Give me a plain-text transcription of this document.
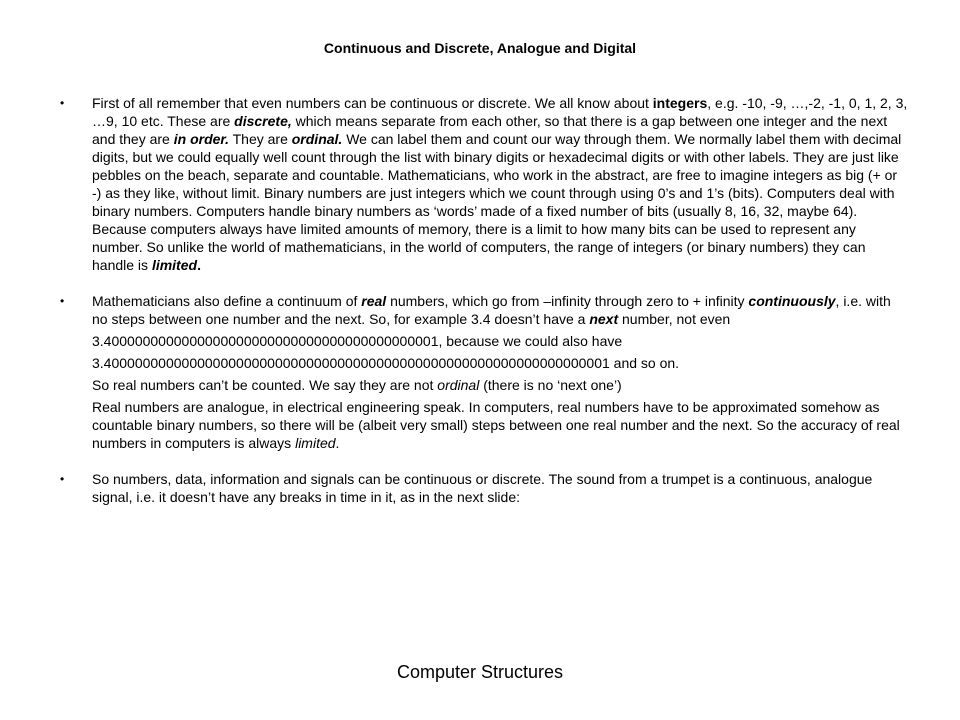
Continuous and Discrete, Analogue and Digital
• First of all remember that even numbers can be continuous or discrete. We all know about integers, e.g. -10, -9, …,-2, -1, 0, 1, 2, 3, …9, 10 etc. These are discrete, which means separate from each other, so that there is a gap between one integer and the next and they are in order. They are ordinal. We can label them and count our way through them. We normally label them with decimal digits, but we could equally well count through the list with binary digits or hexadecimal digits or with other labels. They are just like pebbles on the beach, separate and countable. Mathematicians, who work in the abstract, are free to imagine integers as big (+ or -) as they like, without limit. Binary numbers are just integers which we count through using 0’s and 1’s (bits). Computers deal with binary numbers. Computers handle binary numbers as ‘words’ made of a fixed number of bits (usually 8, 16, 32, maybe 64). Because computers always have limited amounts of memory, there is a limit to how many bits can be used to represent any number. So unlike the world of mathematicians, in the world of computers, the range of integers (or binary numbers) they can handle is limited.
• Mathematicians also define a continuum of real numbers, which go from –infinity through zero to + infinity continuously, i.e. with no steps between one number and the next. So, for example 3.4 doesn’t have a next number, not even
3.4000000000000000000000000000000000000000001, because we could also have
3.40000000000000000000000000000000000000000000000000000000000000001 and so on.
So real numbers can’t be counted. We say they are not ordinal (there is no ‘next one’)
Real numbers are analogue, in electrical engineering speak. In computers, real numbers have to be approximated somehow as countable binary numbers, so there will be (albeit very small) steps between one real number and the next. So the accuracy of real numbers in computers is always limited.
• So numbers, data, information and signals can be continuous or discrete. The sound from a trumpet is a continuous, analogue signal, i.e. it doesn’t have any breaks in time in it, as in the next slide:
Computer Structures
